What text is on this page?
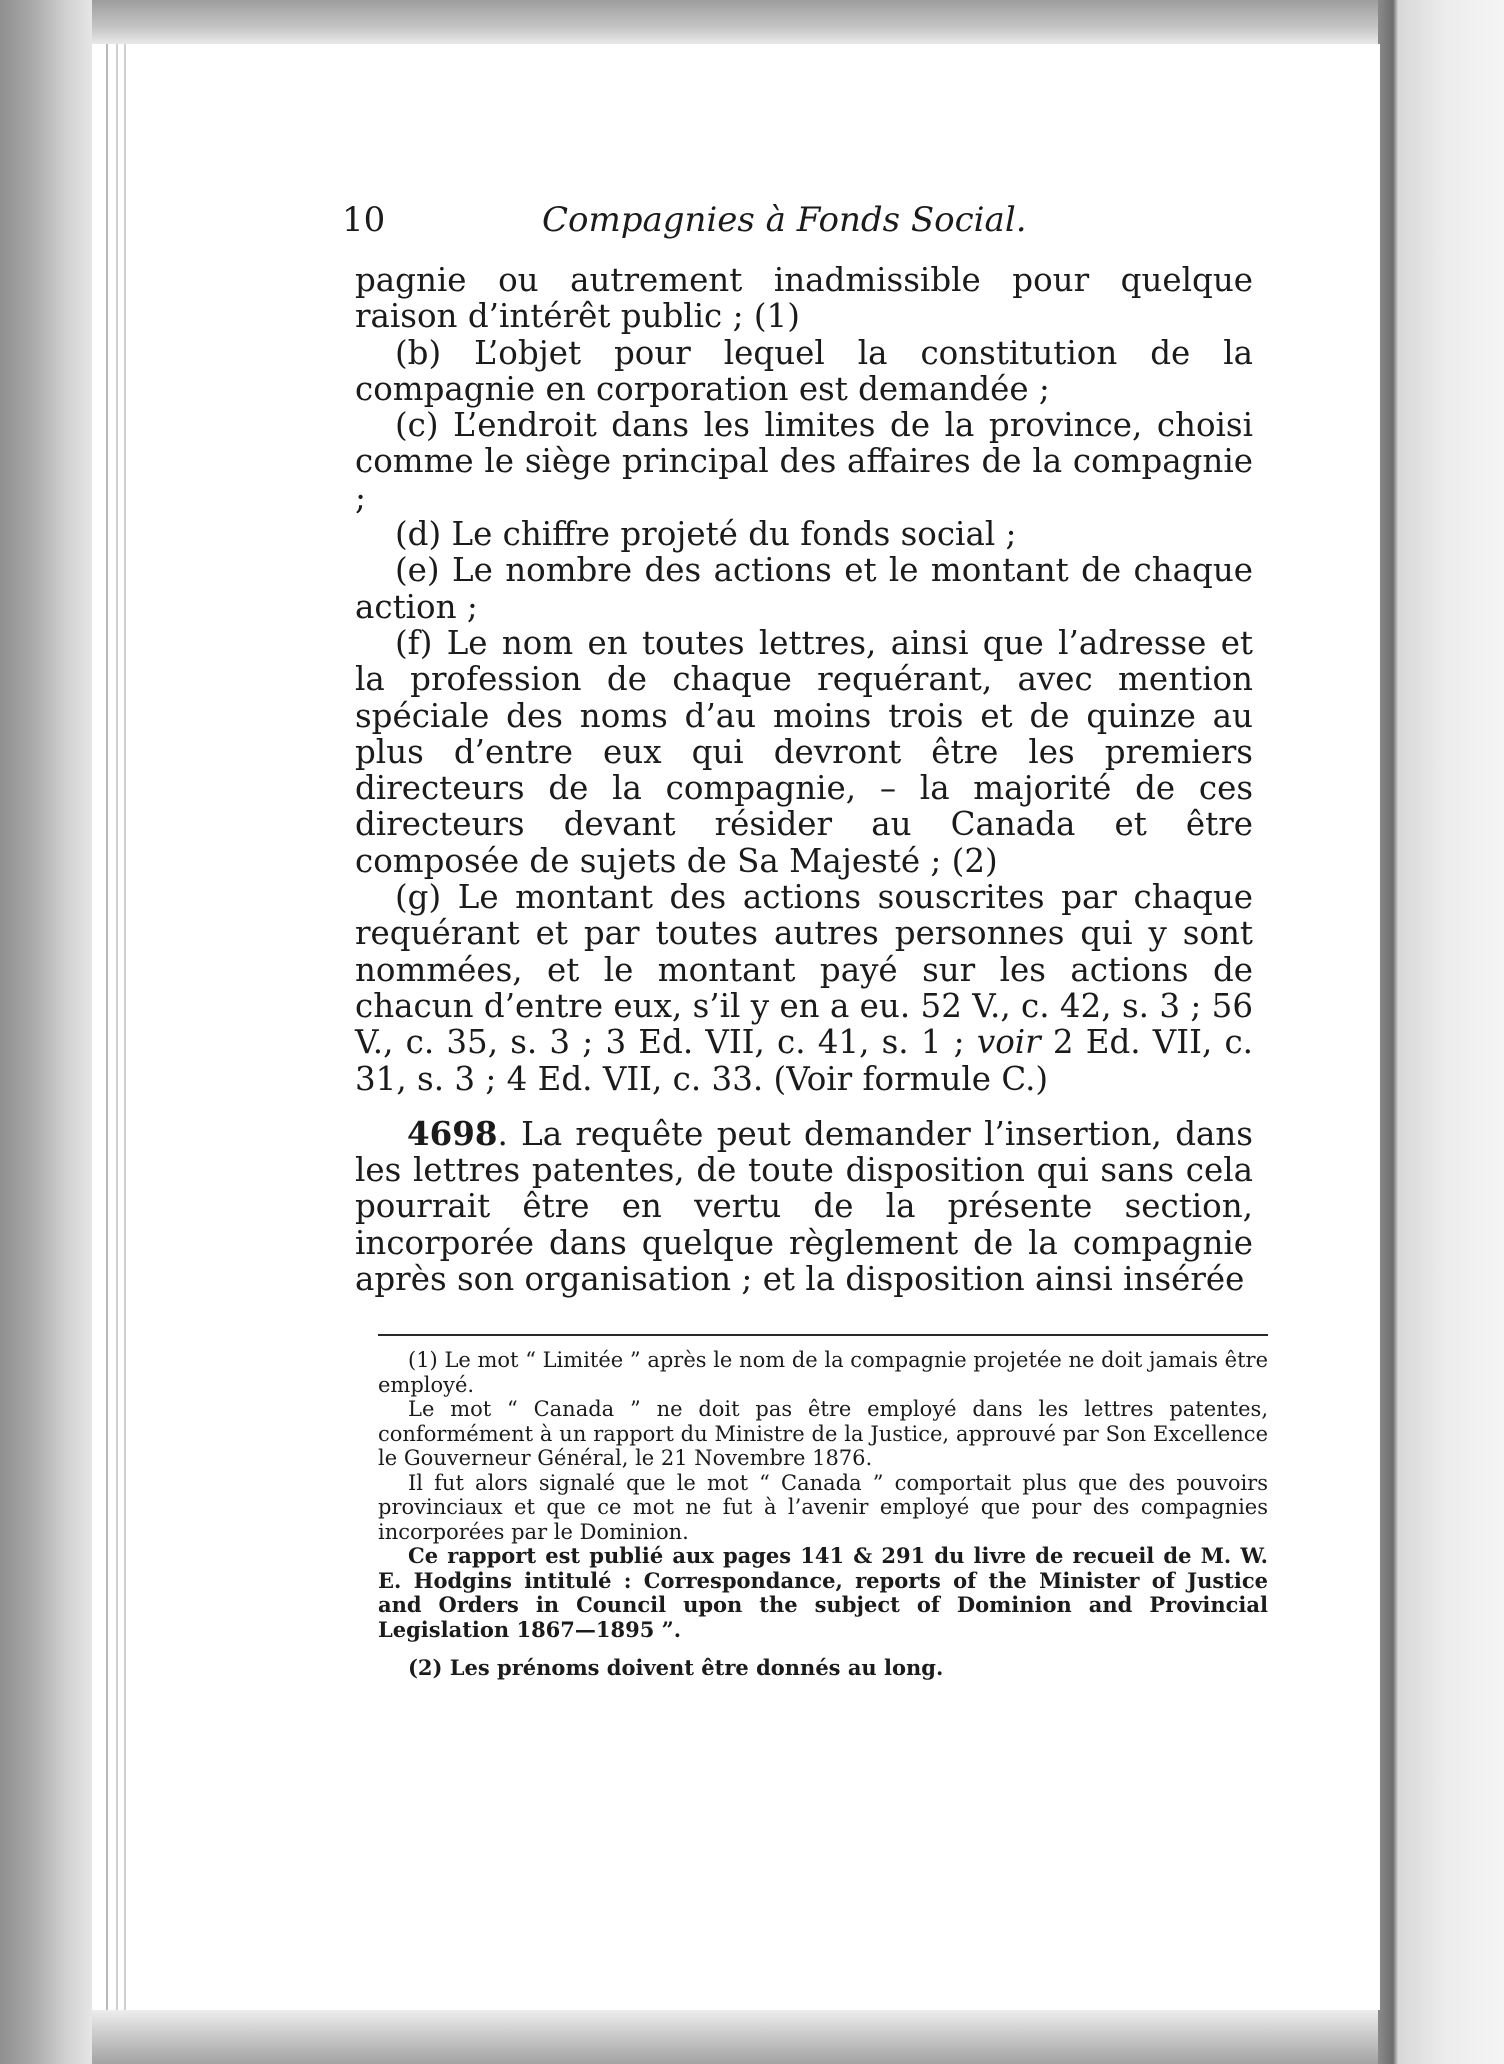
10	Compagnies à Fonds Social.

pagnie ou autrement inadmissible pour quelque raison d’intérêt public ; (1)

(b) L’objet pour lequel la constitution de la compagnie en corporation est demandée ;

(c) L’endroit dans les limites de la province, choisi comme le siège principal des affaires de la compagnie ;

(d) Le chiffre projeté du fonds social ;

(e) Le nombre des actions et le montant de chaque action ;

(f) Le nom en toutes lettres, ainsi que l’adresse et la profession de chaque requérant, avec mention spéciale des noms d’au moins trois et de quinze au plus d’entre eux qui devront être les premiers directeurs de la compagnie, – la majorité de ces directeurs devant résider au Canada et être composée de sujets de Sa Majesté ; (2)

(g) Le montant des actions souscrites par chaque requérant et par toutes autres personnes qui y sont nommées, et le montant payé sur les actions de chacun d’entre eux, s’il y en a eu. 52 V., c. 42, s. 3 ; 56 V., c. 35, s. 3 ; 3 Ed. VII, c. 41, s. 1 ; voir 2 Ed. VII, c. 31, s. 3 ; 4 Ed. VII, c. 33. (Voir formule C.)

4698. La requête peut demander l’insertion, dans les lettres patentes, de toute disposition qui sans cela pourrait être en vertu de la présente section, incorporée dans quelque règlement de la compagnie après son organisation ; et la disposition ainsi insérée

(1) Le mot “ Limitée ” après le nom de la compagnie projetée ne doit jamais être employé.

Le mot “ Canada ” ne doit pas être employé dans les lettres patentes, conformément à un rapport du Ministre de la Justice, approuvé par Son Excellence le Gouverneur Général, le 21 Novembre 1876.

Il fut alors signalé que le mot “ Canada ” comportait plus que des pouvoirs provinciaux et que ce mot ne fut à l’avenir employé que pour des compagnies incorporées par le Dominion.

Ce rapport est publié aux pages 141 & 291 du livre de recueil de M. W. E. Hodgins intitulé : Correspondance, reports of the Minister of Justice and Orders in Council upon the subject of Dominion and Provincial Legislation 1867—1895 ”.

(2) Les prénoms doivent être donnés au long.
